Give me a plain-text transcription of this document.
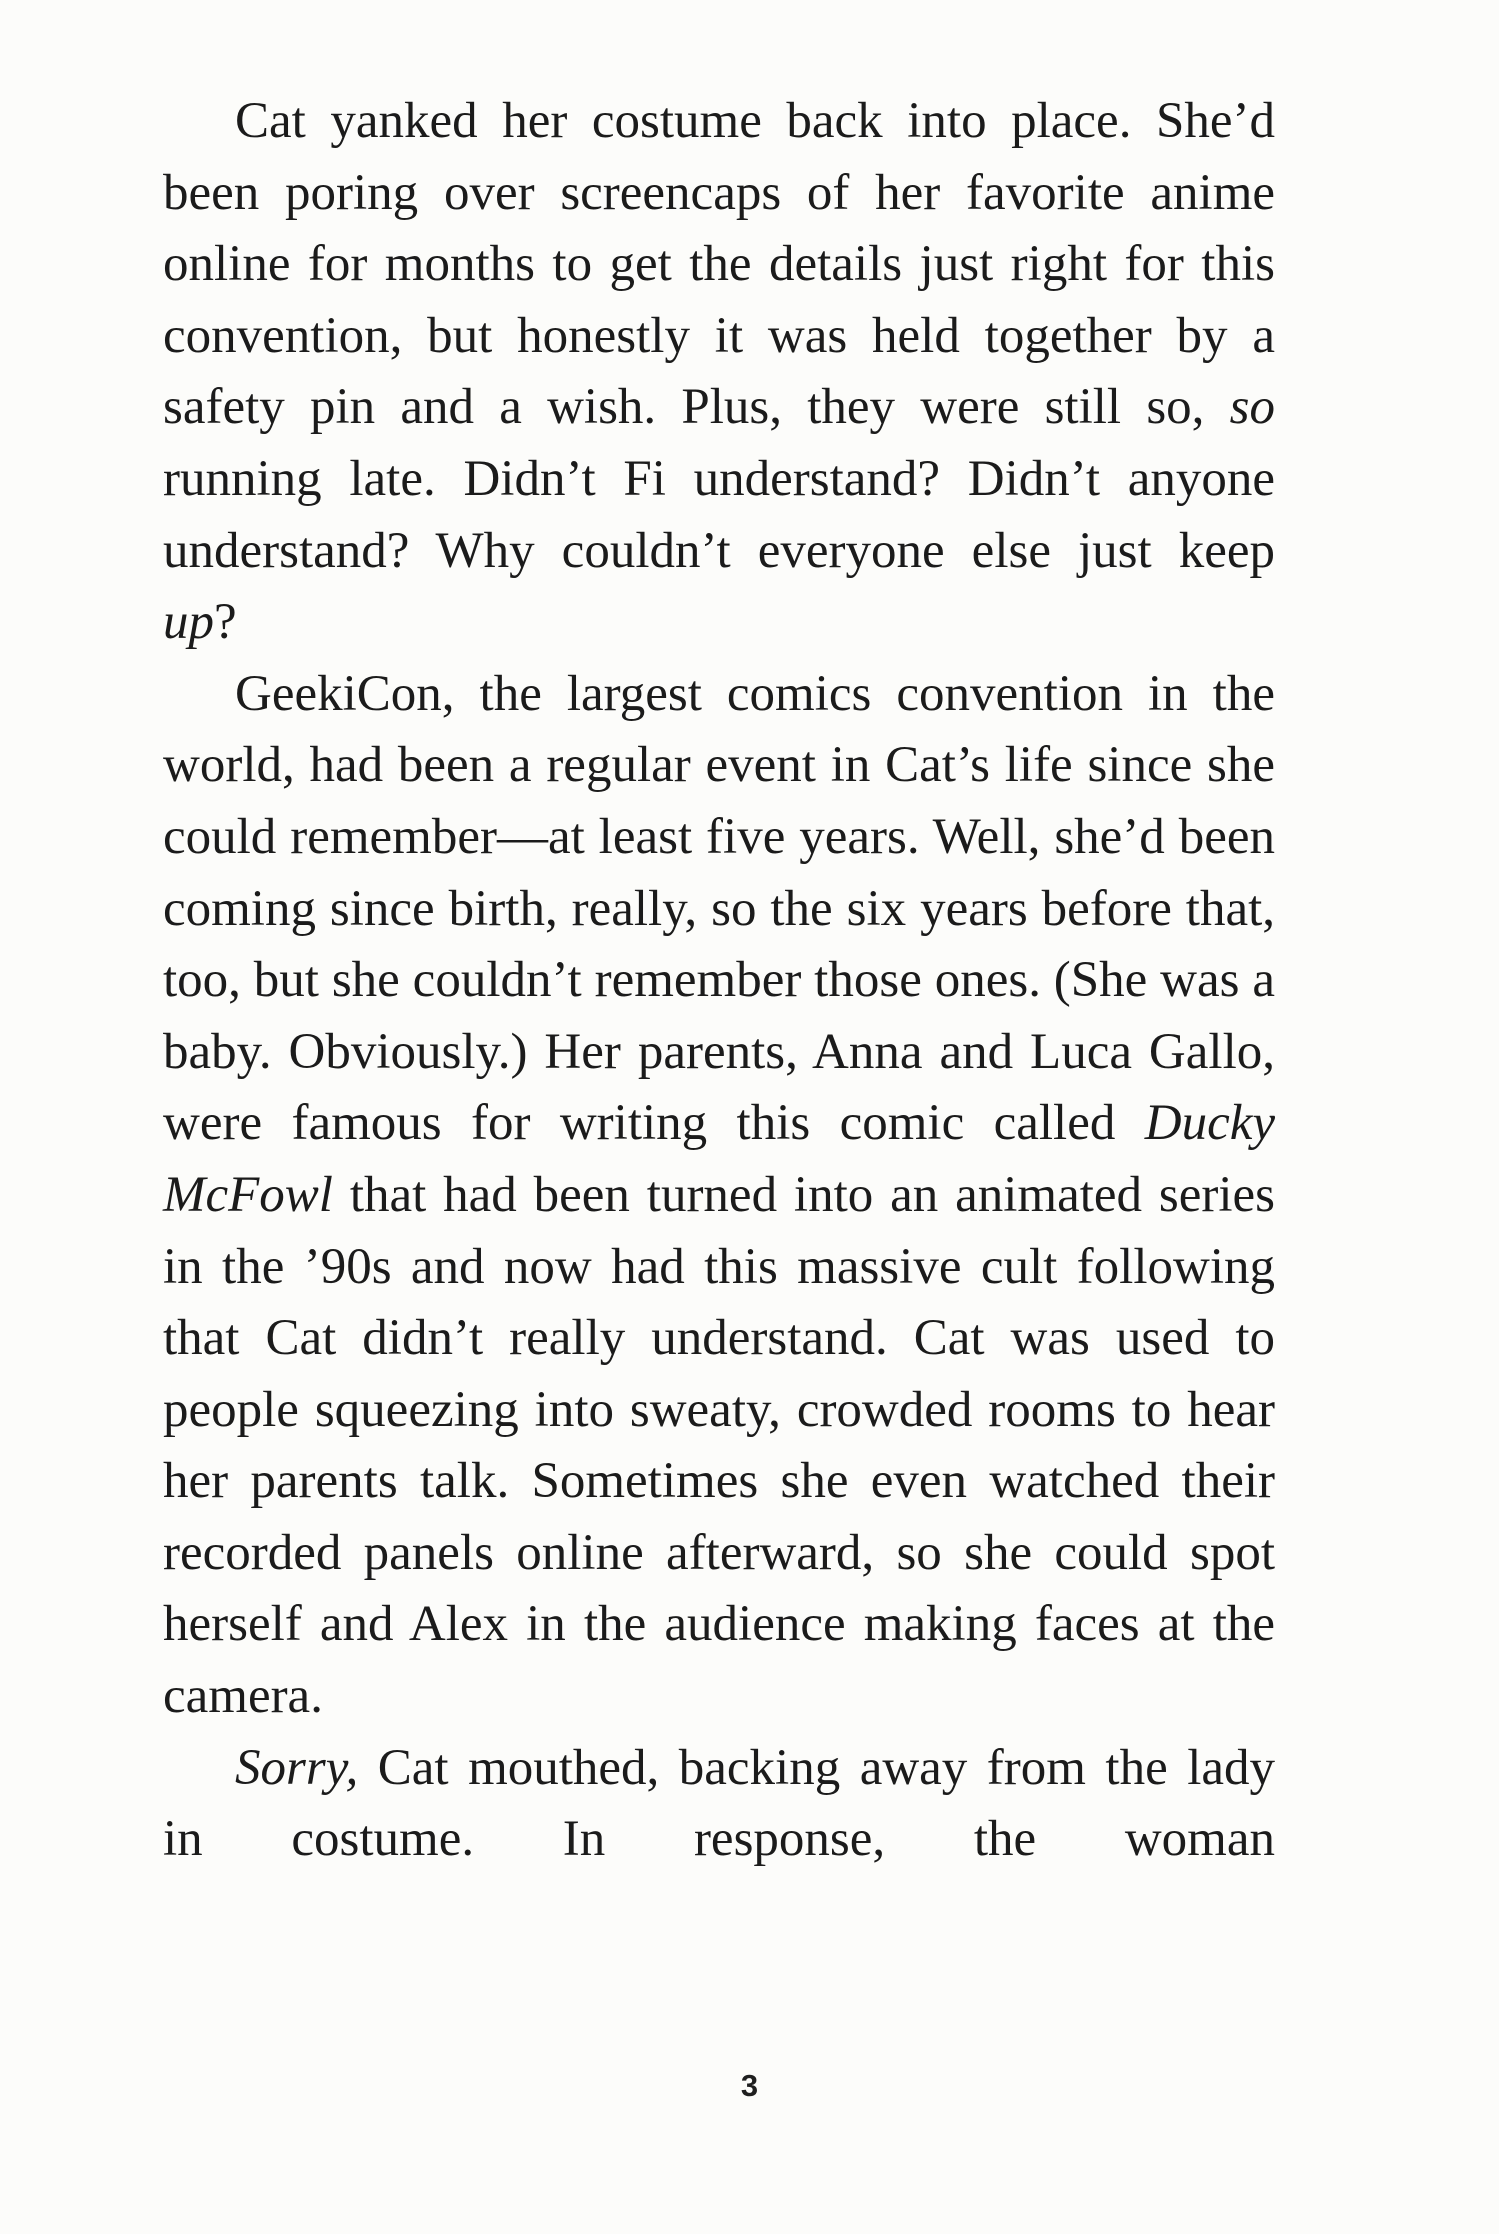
Cat yanked her costume back into place. She’d been poring over screencaps of her favorite anime online for months to get the details just right for this convention, but honestly it was held together by a safety pin and a wish. Plus, they were still so, so running late. Didn’t Fi understand? Didn’t anyone understand? Why couldn’t everyone else just keep up?

GeekiCon, the largest comics convention in the world, had been a regular event in Cat’s life since she could remember—at least five years. Well, she’d been coming since birth, really, so the six years before that, too, but she couldn’t remember those ones. (She was a baby. Obviously.) Her parents, Anna and Luca Gallo, were famous for writing this comic called Ducky McFowl that had been turned into an animated series in the ’90s and now had this massive cult following that Cat didn’t really understand. Cat was used to people squeezing into sweaty, crowded rooms to hear her parents talk. Sometimes she even watched their recorded panels online afterward, so she could spot herself and Alex in the audience making faces at the camera.

Sorry, Cat mouthed, backing away from the lady in costume. In response, the woman

3
